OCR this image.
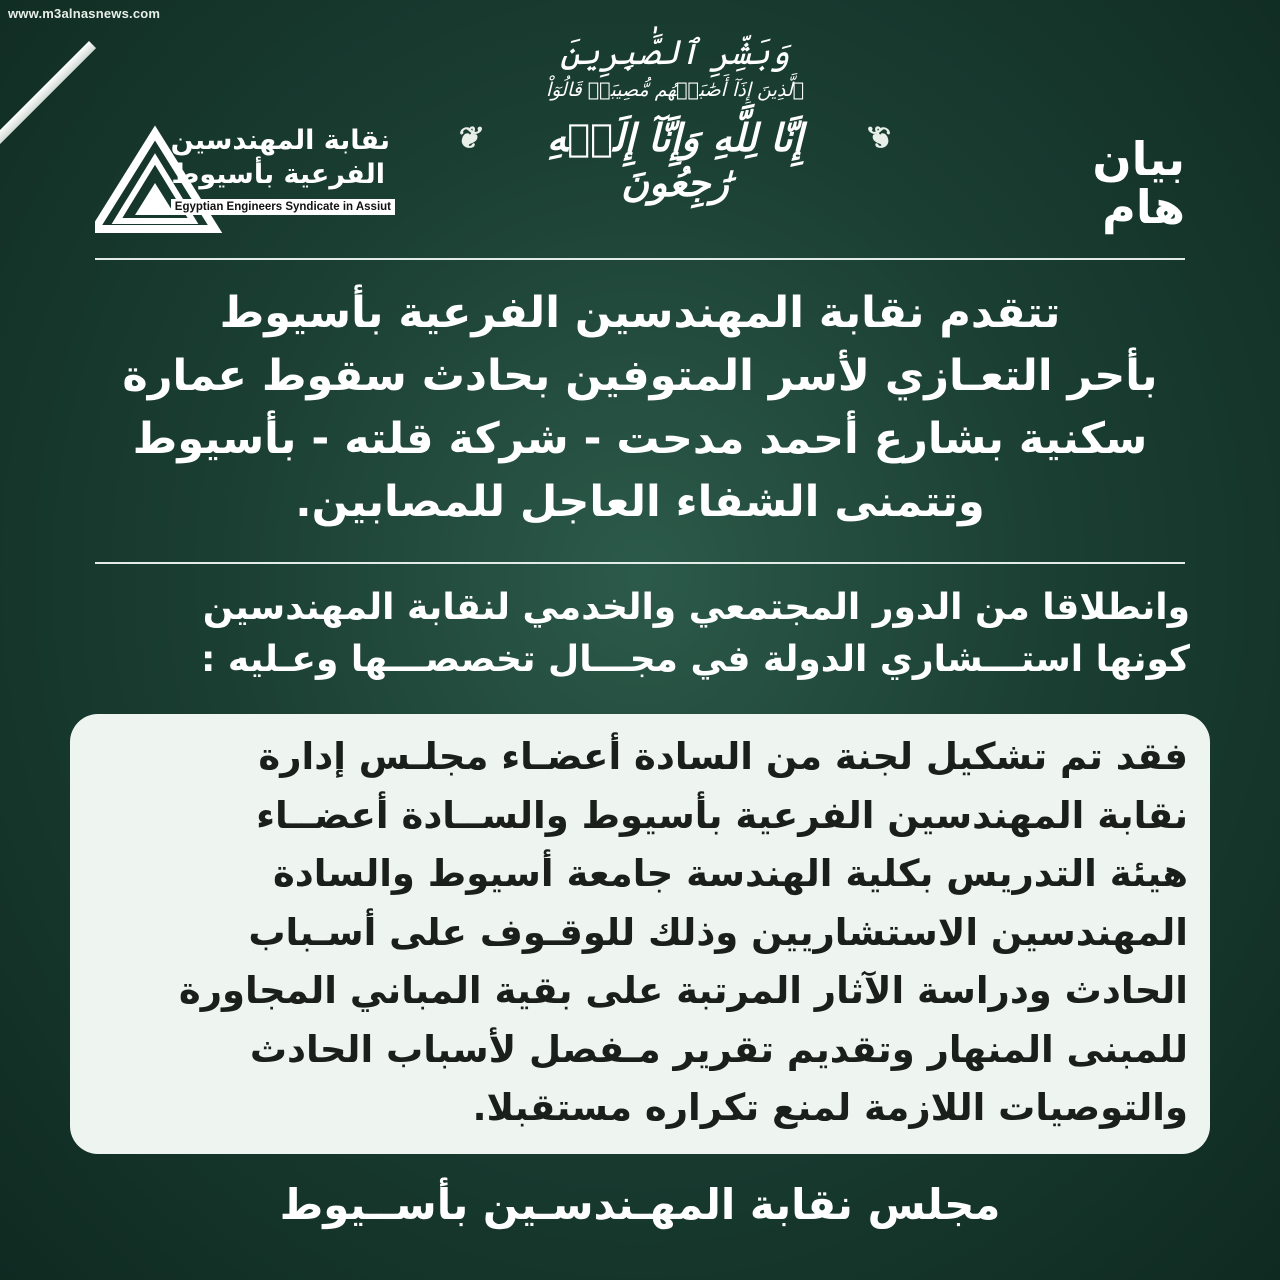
www.m3alnasnews.com
نقابة المهندسين
الفرعية بأسيوط
Egyptian Engineers Syndicate in Assiut
وَبَشِّرِ ٱلصَّٰبِرِينَ
ٱلَّذِينَ إِذَآ أَصَٰبَتۡهُم مُّصِيبَةٞ قَالُوٓاْ
❦ إِنَّا لِلَّهِ وَإِنَّآ إِلَيۡهِ رَٰجِعُونَ ❦	بيان
هام
تتقدم نقابة المهندسين الفرعية بأسيوط
بأحر التعـازي لأسر المتوفين بحادث سقوط عمارة
سكنية بشارع أحمد مدحت - شركة قلته - بأسيوط
وتتمنى الشفاء العاجل للمصابين.
وانطلاقا من الدور المجتمعي والخدمي لنقابة المهندسين
كونها استـــشاري الدولة في مجـــال تخصصـــها وعـليه :
فقد تم تشكيل لجنة من السادة أعضـاء مجلـس إدارة
نقابة المهندسين الفرعية بأسيوط والســادة أعضــاء
هيئة التدريس بكلية الهندسة جامعة أسيوط والسادة
المهندسين الاستشاريين وذلك للوقـوف على أسـباب
الحادث ودراسة الآثار المرتبة على بقية المباني المجاورة
للمبنى المنهار وتقديم تقرير مـفصل لأسباب الحادث
والتوصيات اللازمة لمنع تكراره مستقبلا.
مجلس نقابة المهـندسـين بأســيوط
